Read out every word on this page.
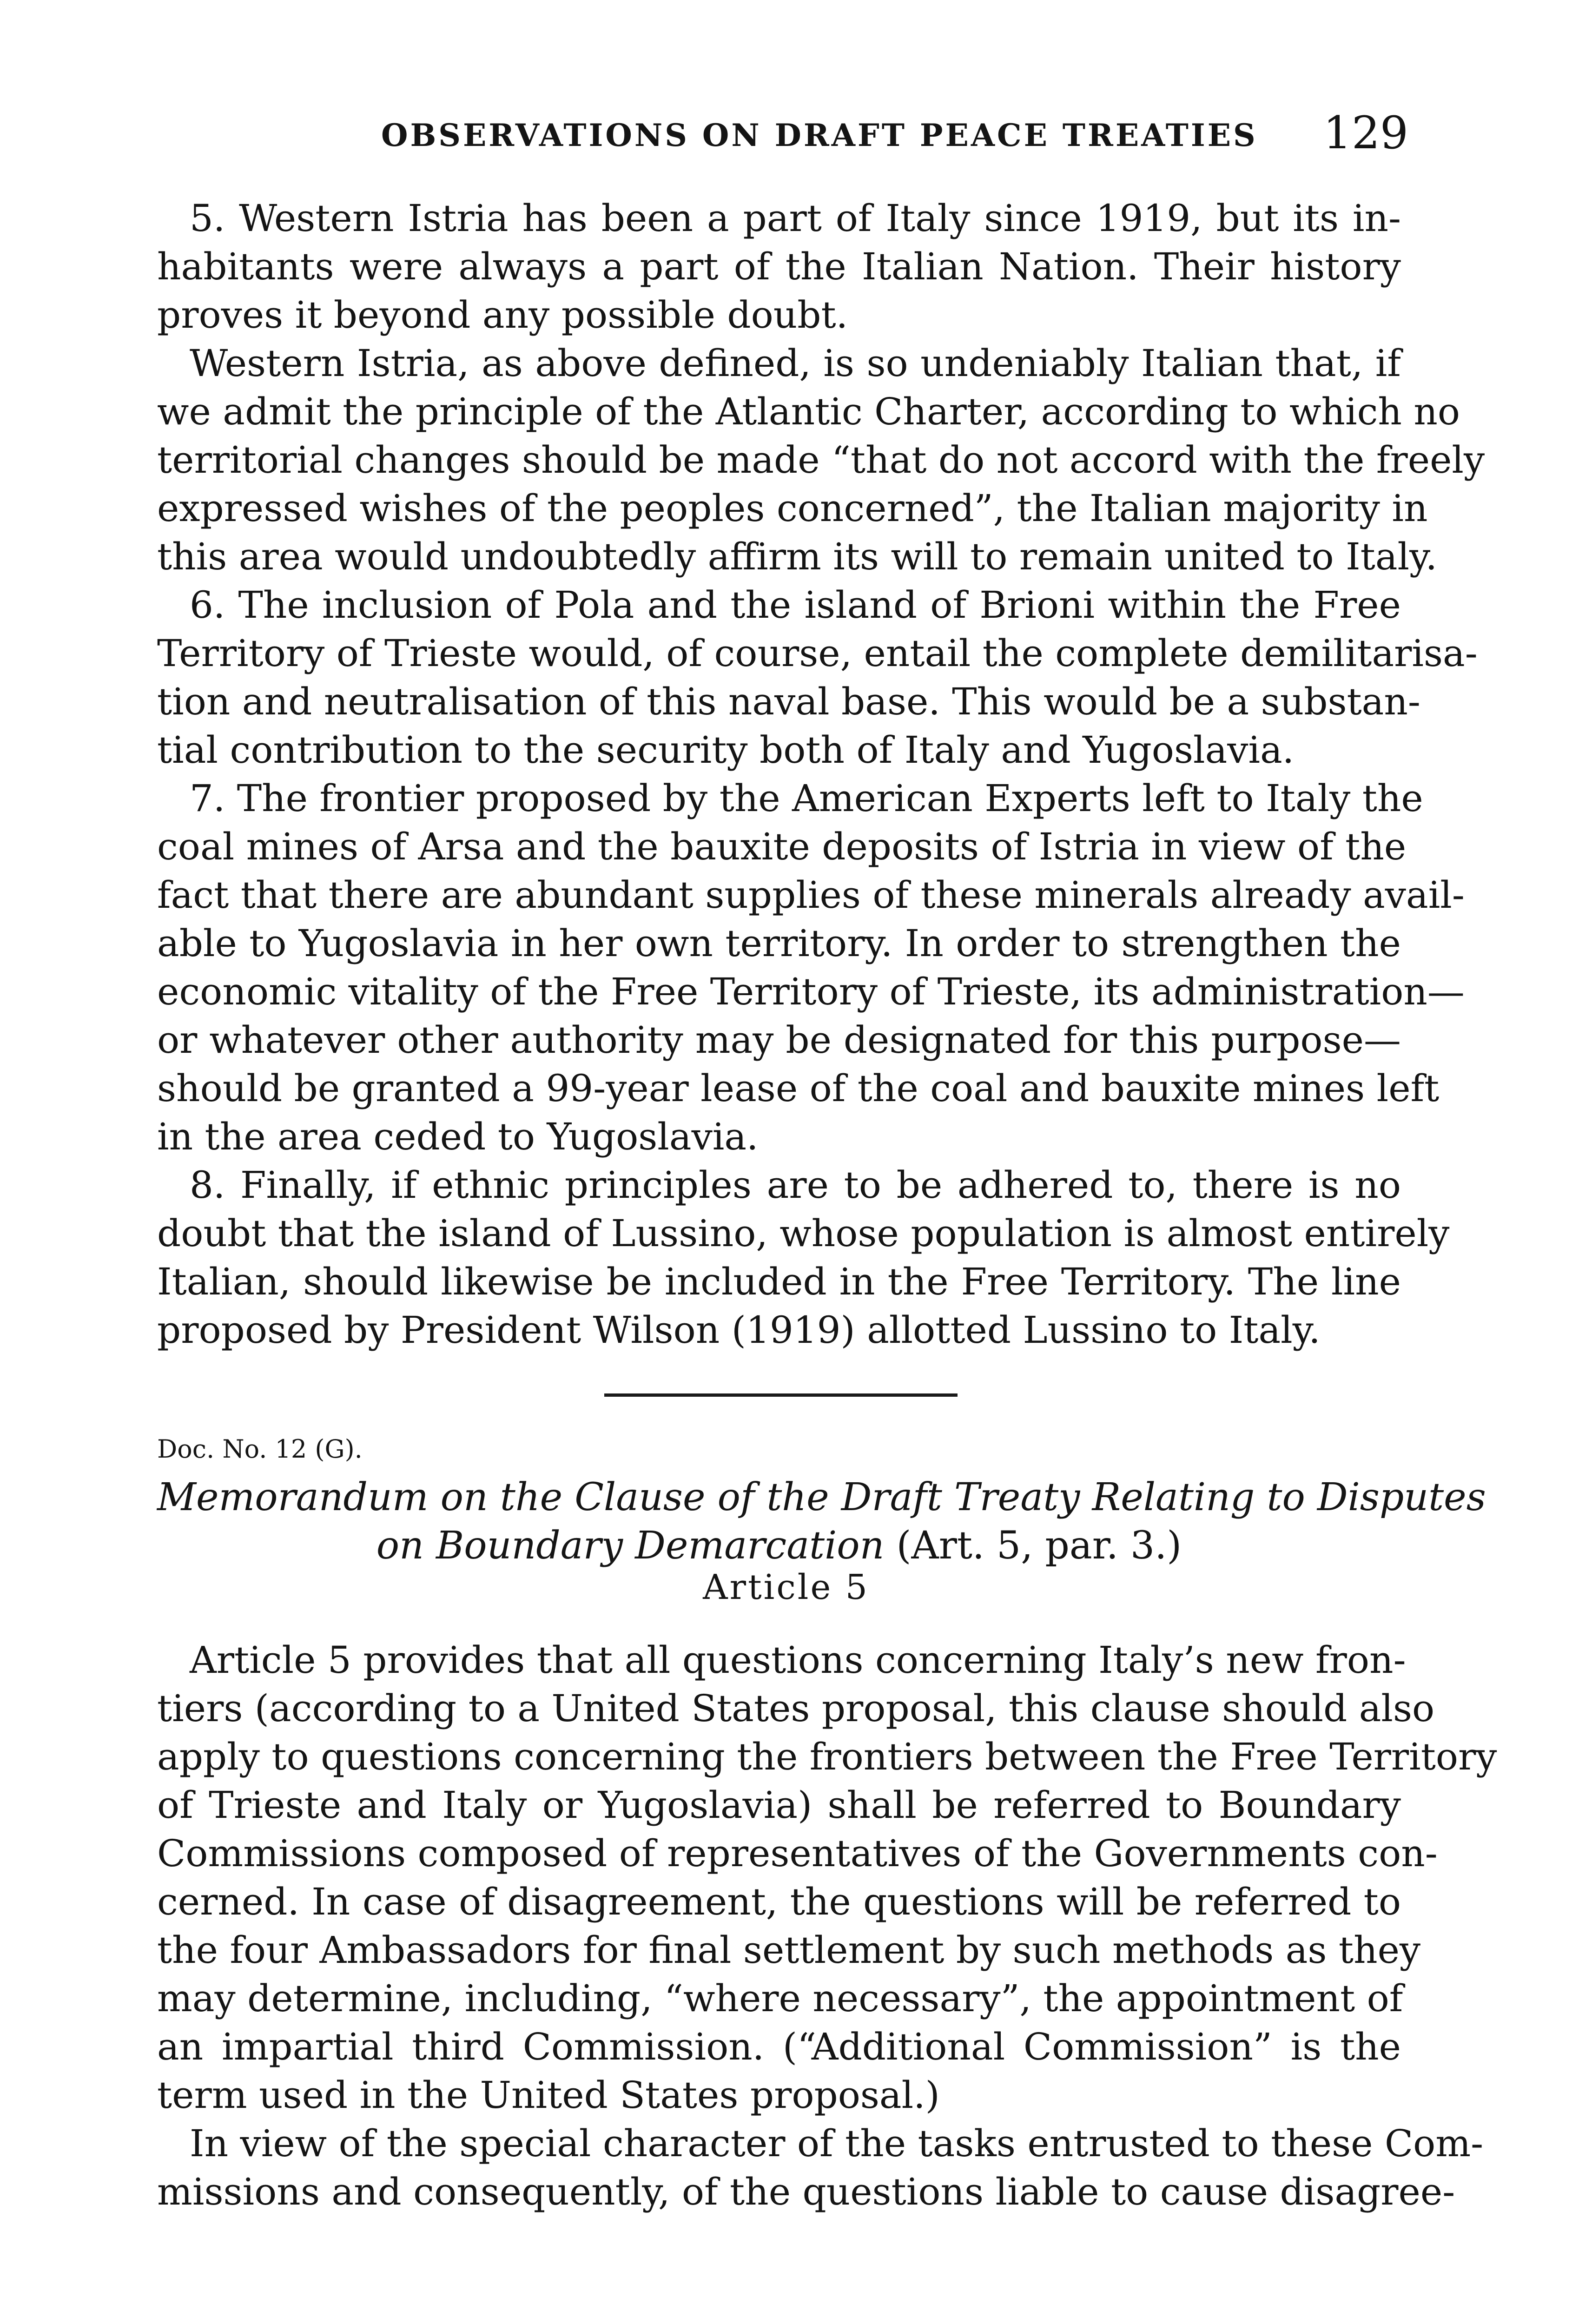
OBSERVATIONS ON DRAFT PEACE TREATIES 129
5. Western Istria has been a part of Italy since 1919, but its in-
habitants were always a part of the Italian Nation. Their history
proves it beyond any possible doubt.
Western Istria, as above defined, is so undeniably Italian that, if
we admit the principle of the Atlantic Charter, according to which no
territorial changes should be made “that do not accord with the freely
expressed wishes of the peoples concerned”, the Italian majority in
this area would undoubtedly affirm its will to remain united to Italy.
6. The inclusion of Pola and the island of Brioni within the Free
Territory of Trieste would, of course, entail the complete demilitarisa-
tion and neutralisation of this naval base. This would be a substan-
tial contribution to the security both of Italy and Yugoslavia.
7. The frontier proposed by the American Experts left to Italy the
coal mines of Arsa and the bauxite deposits of Istria in view of the
fact that there are abundant supplies of these minerals already avail-
able to Yugoslavia in her own territory. In order to strengthen the
economic vitality of the Free Territory of Trieste, its administration—
or whatever other authority may be designated for this purpose—
should be granted a 99-year lease of the coal and bauxite mines left
in the area ceded to Yugoslavia.
8. Finally, if ethnic principles are to be adhered to, there is no
doubt that the island of Lussino, whose population is almost entirely
Italian, should likewise be included in the Free Territory. The line
proposed by President Wilson (1919) allotted Lussino to Italy.
Doc. No. 12 (G).
Memorandum on the Clause of the Draft Treaty Relating to Disputes
on Boundary Demarcation (Art. 5, par. 3.)
Article 5
Article 5 provides that all questions concerning Italy’s new fron-
tiers (according to a United States proposal, this clause should also
apply to questions concerning the frontiers between the Free Territory
of Trieste and Italy or Yugoslavia) shall be referred to Boundary
Commissions composed of representatives of the Governments con-
cerned. In case of disagreement, the questions will be referred to
the four Ambassadors for final settlement by such methods as they
may determine, including, “where necessary”, the appointment of
an impartial third Commission. (“Additional Commission” is the
term used in the United States proposal.)
In view of the special character of the tasks entrusted to these Com-
missions and consequently, of the questions liable to cause disagree-
